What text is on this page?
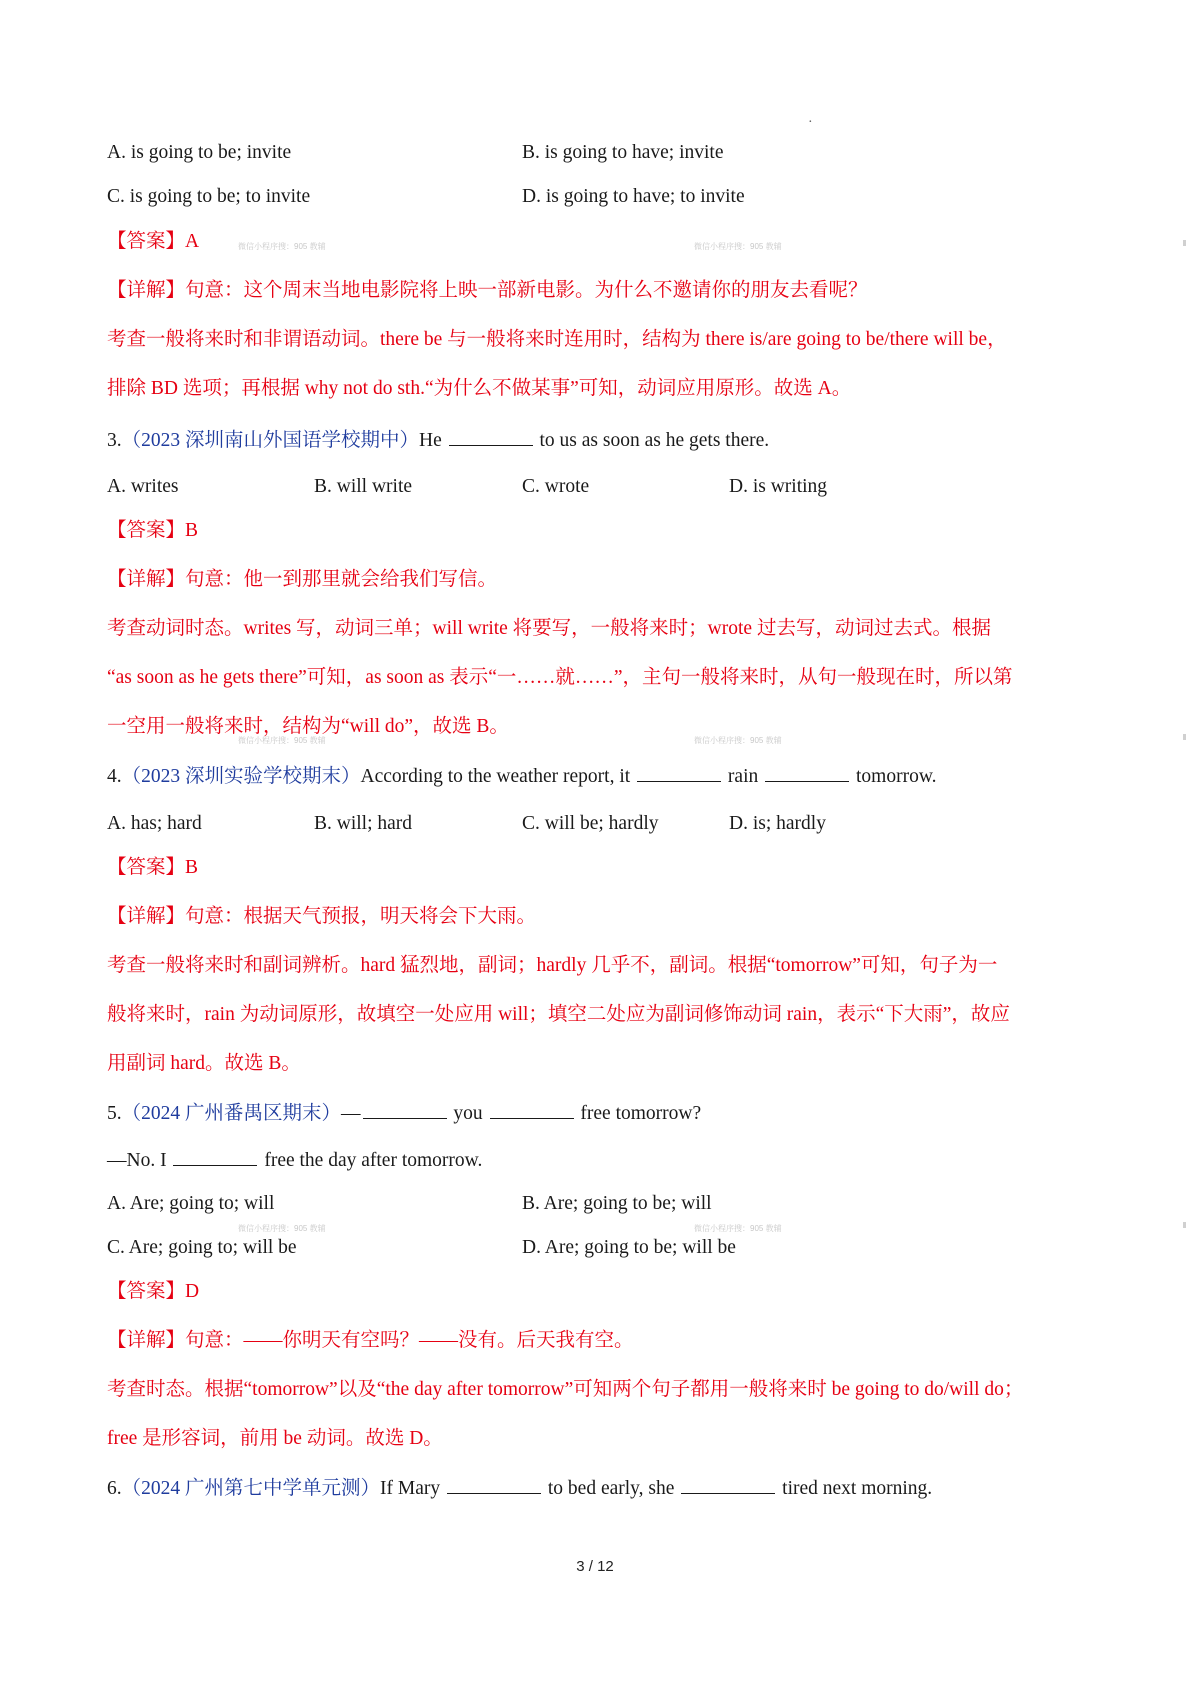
·
A. is going to be; invite	B. is going to have; invite
C. is going to be; to invite	D. is going to have; to invite
【答案】A
【详解】句意：这个周末当地电影院将上映一部新电影。为什么不邀请你的朋友去看呢？
考查一般将来时和非谓语动词。there be 与一般将来时连用时，结构为 there is/are going to be/there will be，
排除 BD 选项；再根据 why not do sth.“为什么不做某事”可知，动词应用原形。故选 A。
3.（2023 深圳南山外国语学校期中）He	to us as soon as he gets there.
A. writes	B. will write	C. wrote	D. is writing
【答案】B
【详解】句意：他一到那里就会给我们写信。
考查动词时态。writes 写，动词三单；will write 将要写，一般将来时；wrote 过去写，动词过去式。根据
“as soon as he gets there”可知，as soon as 表示“一……就……”，主句一般将来时，从句一般现在时，所以第
一空用一般将来时，结构为“will do”，故选 B。
4.（2023 深圳实验学校期末）According to the weather report, it	rain	tomorrow.
A. has; hard	B. will; hard	C. will be; hardly	D. is; hardly
【答案】B
【详解】句意：根据天气预报，明天将会下大雨。
考查一般将来时和副词辨析。hard 猛烈地，副词；hardly 几乎不，副词。根据“tomorrow”可知，句子为一
般将来时，rain 为动词原形，故填空一处应用 will；填空二处应为副词修饰动词 rain，表示“下大雨”，故应
用副词 hard。故选 B。
5.（2024 广州番禺区期末）—	you	free tomorrow?
—No. I	free the day after tomorrow.
A. Are; going to; will	B. Are; going to be; will
C. Are; going to; will be	D. Are; going to be; will be
【答案】D
【详解】句意：——你明天有空吗？——没有。后天我有空。
考查时态。根据“tomorrow”以及“the day after tomorrow”可知两个句子都用一般将来时 be going to do/will do；
free 是形容词，前用 be 动词。故选 D。
6.（2024 广州第七中学单元测）If Mary	to bed early, she	tired next morning.
微信小程序搜：905 教辅	微信小程序搜：905 教辅
微信小程序搜：905 教辅	微信小程序搜：905 教辅
微信小程序搜：905 教辅	微信小程序搜：905 教辅
3 / 12
